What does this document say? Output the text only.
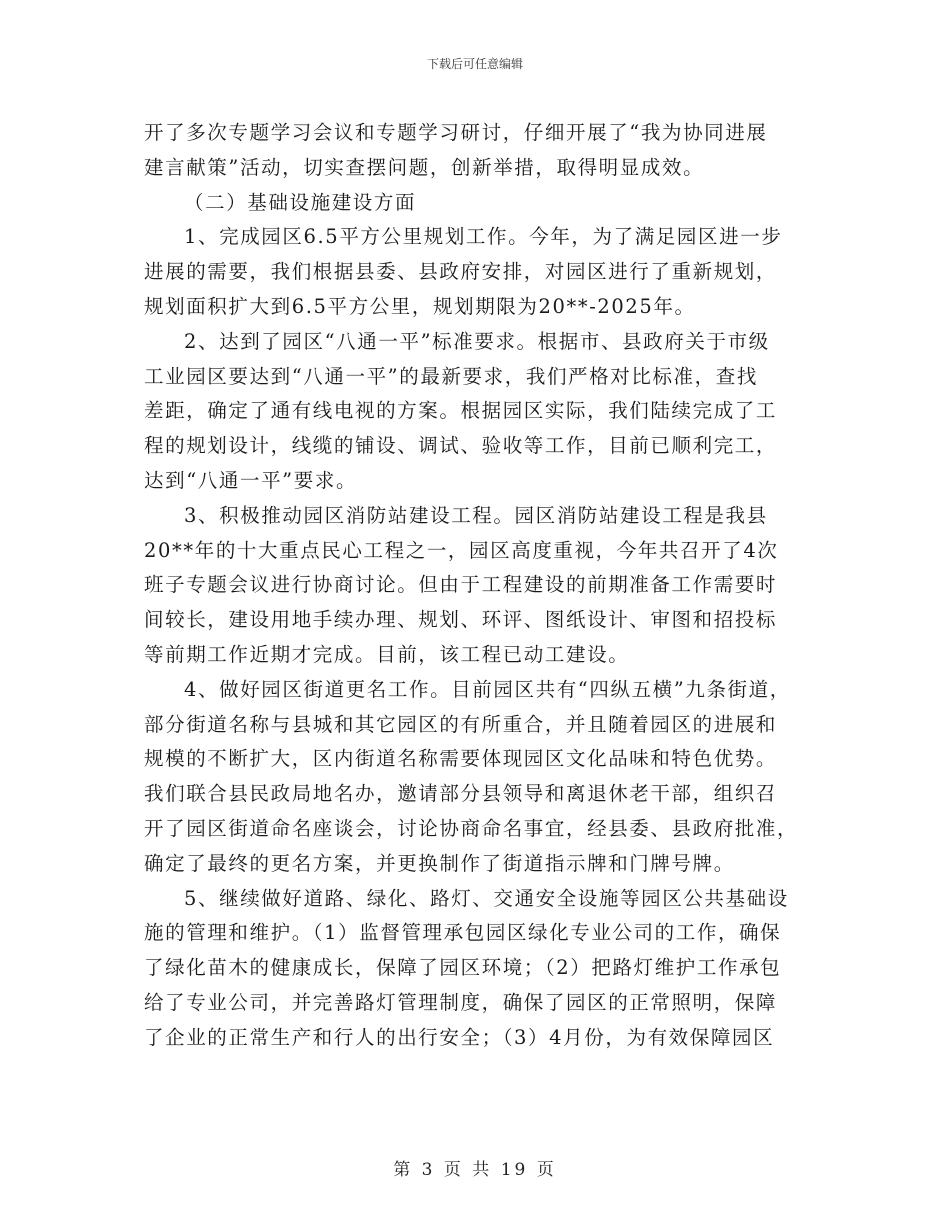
下载后可任意编辑
开了多次专题学习会议和专题学习研讨，仔细开展了“我为协同进展
建言献策”活动，切实查摆问题，创新举措，取得明显成效。
（二）基础设施建设方面
1、完成园区6.5平方公里规划工作。今年，为了满足园区进一步
进展的需要，我们根据县委、县政府安排，对园区进行了重新规划，
规划面积扩大到6.5平方公里，规划期限为20**-2025年。
2、达到了园区“八通一平”标准要求。根据市、县政府关于市级
工业园区要达到“八通一平”的最新要求，我们严格对比标准，查找
差距，确定了通有线电视的方案。根据园区实际，我们陆续完成了工
程的规划设计，线缆的铺设、调试、验收等工作，目前已顺利完工，
达到“八通一平”要求。
3、积极推动园区消防站建设工程。园区消防站建设工程是我县
20**年的十大重点民心工程之一，园区高度重视，今年共召开了4次
班子专题会议进行协商讨论。但由于工程建设的前期准备工作需要时
间较长，建设用地手续办理、规划、环评、图纸设计、审图和招投标
等前期工作近期才完成。目前，该工程已动工建设。
4、做好园区街道更名工作。目前园区共有“四纵五横”九条街道，
部分街道名称与县城和其它园区的有所重合，并且随着园区的进展和
规模的不断扩大，区内街道名称需要体现园区文化品味和特色优势。
我们联合县民政局地名办，邀请部分县领导和离退休老干部，组织召
开了园区街道命名座谈会，讨论协商命名事宜，经县委、县政府批准，
确定了最终的更名方案，并更换制作了街道指示牌和门牌号牌。
5、继续做好道路、绿化、路灯、交通安全设施等园区公共基础设
施的管理和维护。（1）监督管理承包园区绿化专业公司的工作，确保
了绿化苗木的健康成长，保障了园区环境；（2）把路灯维护工作承包
给了专业公司，并完善路灯管理制度，确保了园区的正常照明，保障
了企业的正常生产和行人的出行安全；（3）4月份，为有效保障园区
第 3 页 共 19 页
